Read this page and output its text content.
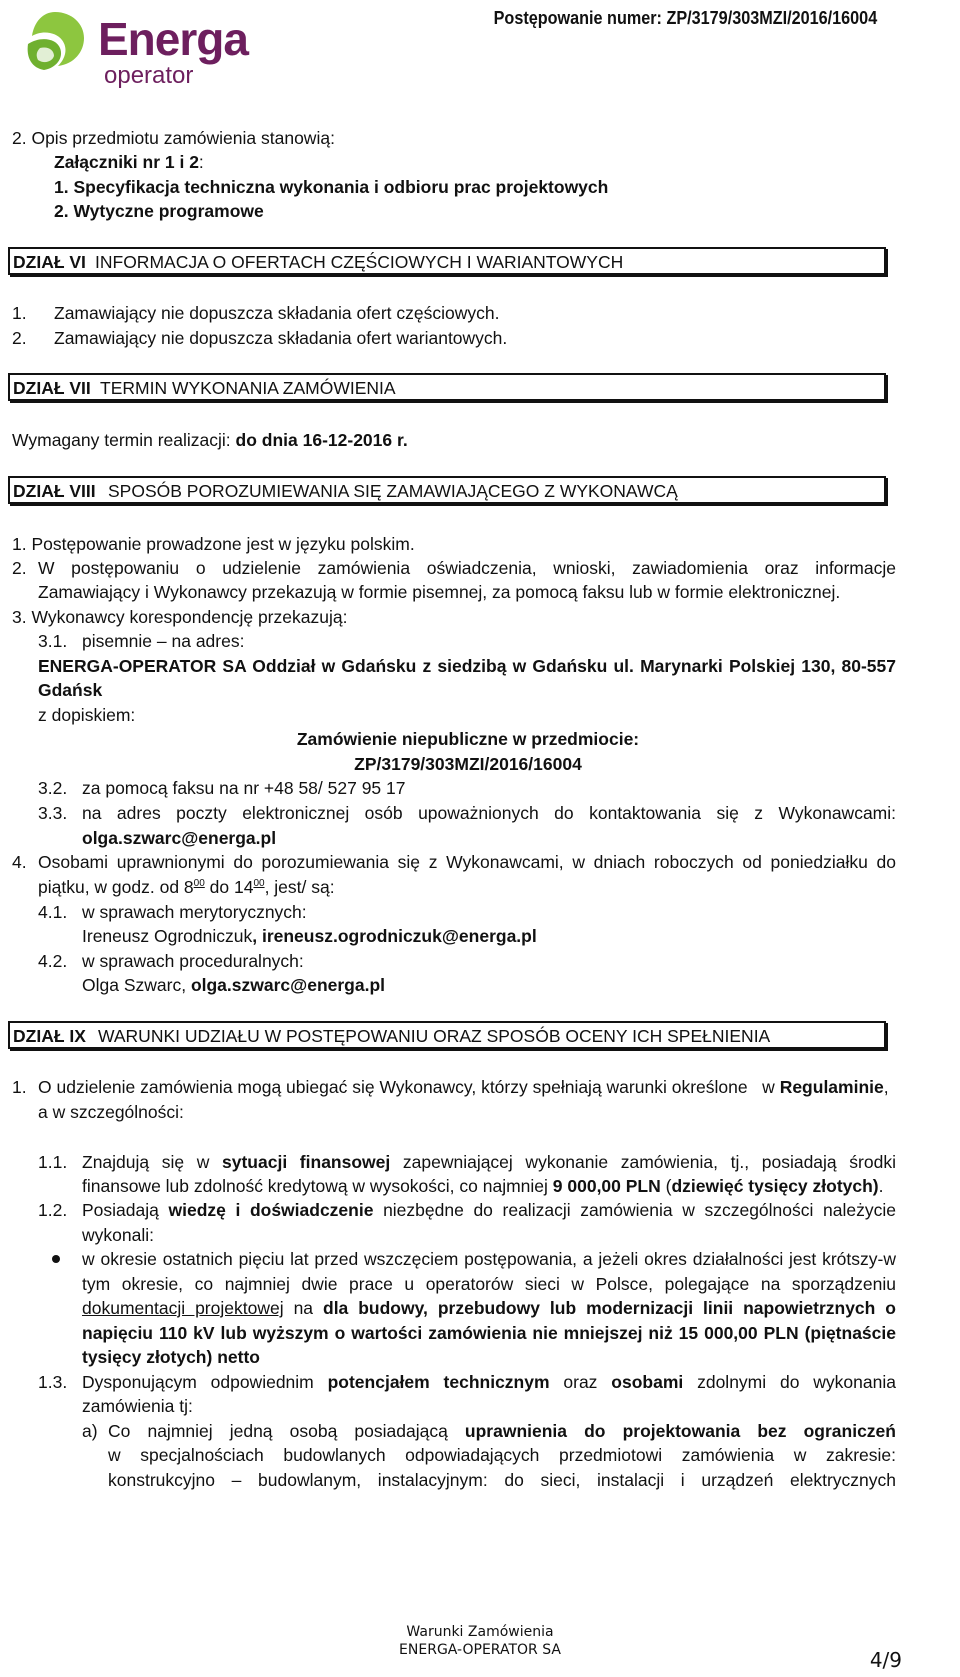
Energa
operator
Postępowanie numer: ZP/3179/303MZI/2016/16004
2. Opis przedmiotu zamówienia stanowią:
Załączniki nr 1 i 2:
1. Specyfikacja techniczna wykonania i odbioru prac projektowych
2. Wytyczne programowe
DZIAŁ VI INFORMACJA O OFERTACH CZĘŚCIOWYCH I WARIANTOWYCH
1. Zamawiający nie dopuszcza składania ofert częściowych.
2. Zamawiający nie dopuszcza składania ofert wariantowych.
DZIAŁ VII TERMIN WYKONANIA ZAMÓWIENIA
Wymagany termin realizacji: do dnia 16-12-2016 r.
DZIAŁ VIII SPOSÓB POROZUMIEWANIA SIĘ ZAMAWIAJĄCEGO Z WYKONAWCĄ
1. Postępowanie prowadzone jest w języku polskim.
2. W postępowaniu o udzielenie zamówienia oświadczenia, wnioski, zawiadomienia oraz informacje
Zamawiający i Wykonawcy przekazują w formie pisemnej, za pomocą faksu lub w formie elektronicznej.
3. Wykonawcy korespondencję przekazują:
3.1. pisemnie – na adres:
ENERGA-OPERATOR SA Oddział w Gdańsku z siedzibą w Gdańsku ul. Marynarki Polskiej 130, 80-557
Gdańsk
z dopiskiem:
Zamówienie niepubliczne w przedmiocie:
ZP/3179/303MZI/2016/16004
3.2. za pomocą faksu na nr +48 58/ 527 95 17
3.3. na adres poczty elektronicznej osób upoważnionych do kontaktowania się z Wykonawcami:
olga.szwarc@energa.pl
4. Osobami uprawnionymi do porozumiewania się z Wykonawcami, w dniach roboczych od poniedziałku do
piątku, w godz. od $8^{00}$ do $14^{00}$, jest/ są:
4.1. w sprawach merytorycznych:
Ireneusz Ogrodniczuk, ireneusz.ogrodniczuk@energa.pl
4.2. w sprawach proceduralnych:
Olga Szwarc, olga.szwarc@energa.pl
DZIAŁ IX WARUNKI UDZIAŁU W POSTĘPOWANIU ORAZ SPOSÓB OCENY ICH SPEŁNIENIA
1. O udzielenie zamówienia mogą ubiegać się Wykonawcy, którzy spełniają warunki określone   w Regulaminie,
a w szczególności:
1.1. Znajdują się w sytuacji finansowej zapewniającej wykonanie zamówienia, tj., posiadają środki
finansowe lub zdolność kredytową w wysokości, co najmniej 9 000,00 PLN (dziewięć tysięcy złotych).
1.2. Posiadają wiedzę i doświadczenie niezbędne do realizacji zamówienia w szczególności należycie
wykonali:
w okresie ostatnich pięciu lat przed wszczęciem postępowania, a jeżeli okres działalności jest krótszy-w
tym okresie, co najmniej dwie prace u operatorów sieci w Polsce, polegające na sporządzeniu
dokumentacji projektowej na dla budowy, przebudowy lub modernizacji linii napowietrznych o
napięciu 110 kV lub wyższym o wartości zamówienia nie mniejszej niż 15 000,00 PLN (piętnaście
tysięcy złotych) netto
1.3. Dysponującym odpowiednim potencjałem technicznym oraz osobami zdolnymi do wykonania
zamówienia tj:
a) Co najmniej jedną osobą posiadającą uprawnienia do projektowania bez ograniczeń
w specjalnościach budowlanych odpowiadających przedmiotowi zamówienia w zakresie:
konstrukcyjno – budowlanym, instalacyjnym: do sieci, instalacji i urządzeń elektrycznych
Warunki Zamówienia
ENERGA-OPERATOR SA	4/9
